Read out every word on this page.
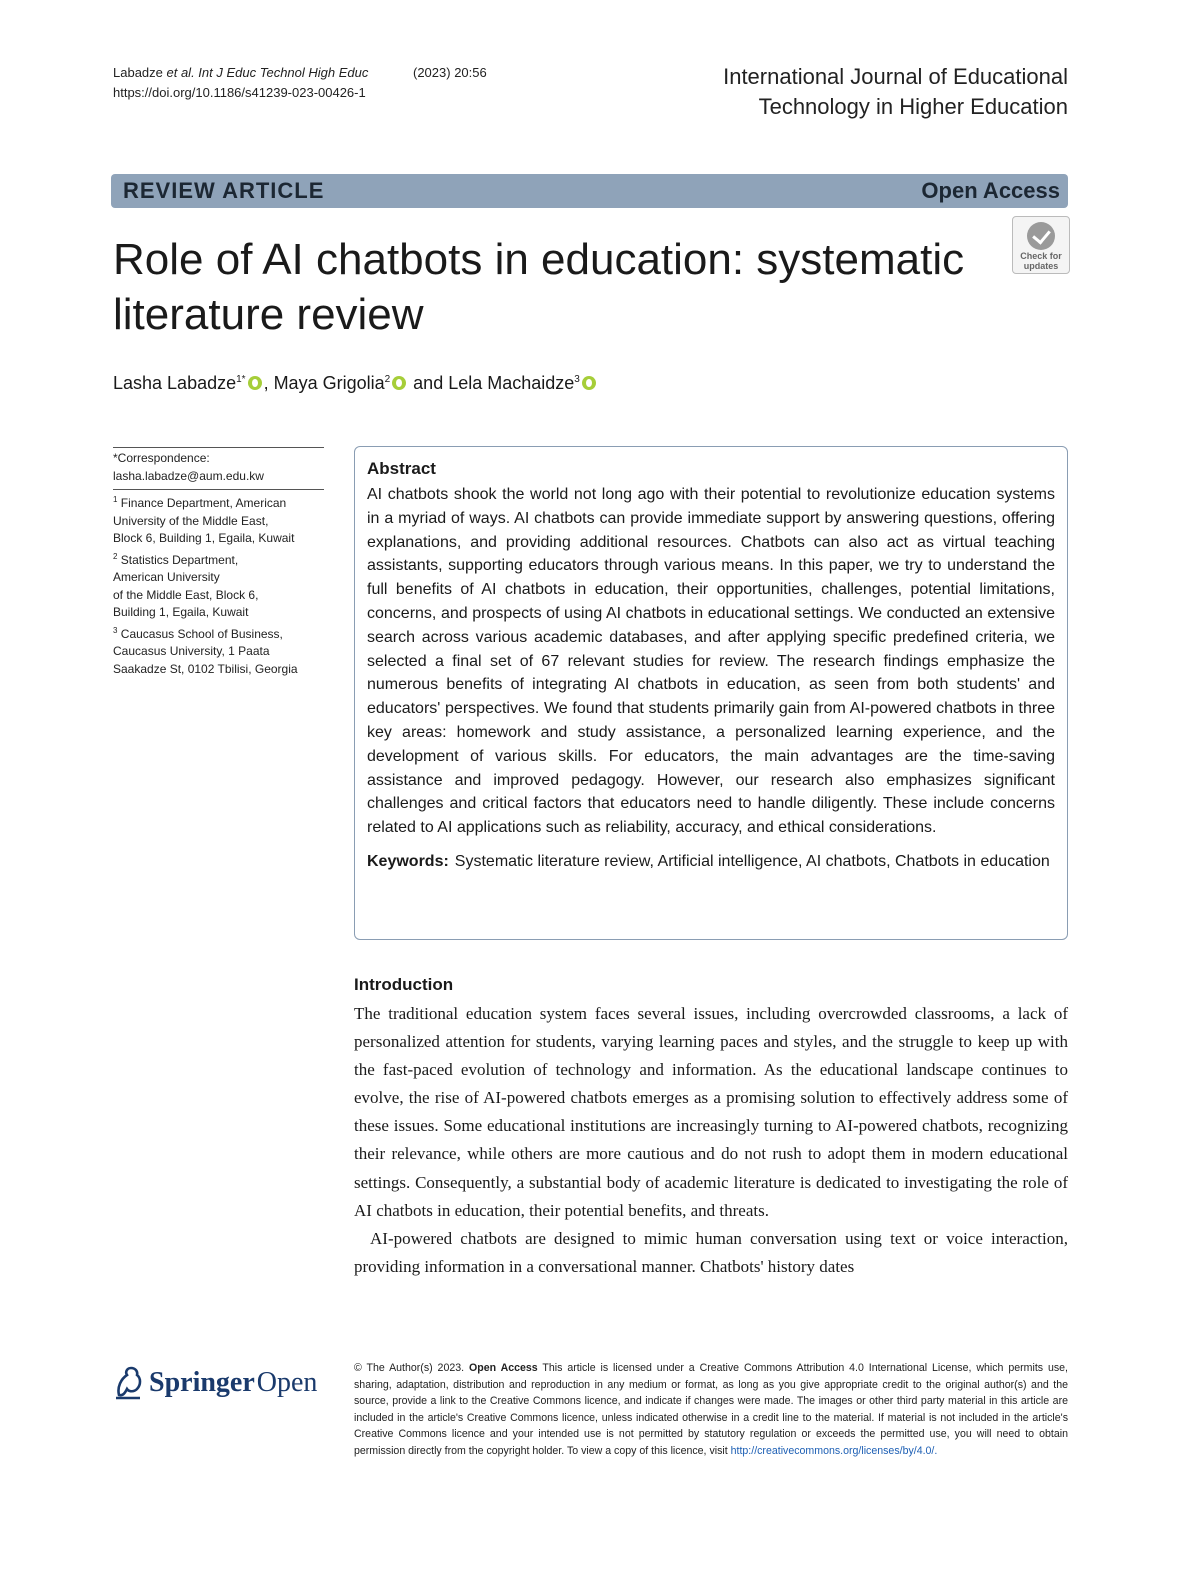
Labadze et al. Int J Educ Technol High Educ	(2023) 20:56
https://doi.org/10.1186/s41239-023-00426-1
International Journal of Educational
Technology in Higher Education
REVIEW ARTICLE	Open Access
Role of AI chatbots in education: systematic literature review
Check for
updates
Lasha Labadze$^{1*}$ , Maya Grigolia$^2$ and Lela Machaidze$^3$
*Correspondence:
lasha.labadze@aum.edu.kw
$^1$ Finance Department, American
University of the Middle East,
Block 6, Building 1, Egaila, Kuwait
$^2$ Statistics Department,
American University
of the Middle East, Block 6,
Building 1, Egaila, Kuwait
$^3$ Caucasus School of Business,
Caucasus University, 1 Paata
Saakadze St, 0102 Tbilisi, Georgia
Abstract
AI chatbots shook the world not long ago with their potential to revolutionize education systems in a myriad of ways. AI chatbots can provide immediate support by answering questions, offering explanations, and providing additional resources. Chatbots can also act as virtual teaching assistants, supporting educators through various means. In this paper, we try to understand the full benefits of AI chatbots in education, their opportunities, challenges, potential limitations, concerns, and prospects of using AI chatbots in educational settings. We conducted an extensive search across various academic databases, and after applying specific predefined criteria, we selected a final set of 67 relevant studies for review. The research findings emphasize the numerous benefits of integrating AI chatbots in education, as seen from both students' and educators' perspectives. We found that students primarily gain from AI-powered chatbots in three key areas: homework and study assistance, a personalized learning experience, and the development of various skills. For educators, the main advantages are the time-saving assistance and improved pedagogy. However, our research also emphasizes significant challenges and critical factors that educators need to handle diligently. These include concerns related to AI applications such as reliability, accuracy, and ethical considerations.
Keywords: Systematic literature review, Artificial intelligence, AI chatbots, Chatbots in education
Introduction

The traditional education system faces several issues, including overcrowded classrooms, a lack of personalized attention for students, varying learning paces and styles, and the struggle to keep up with the fast-paced evolution of technology and information. As the educational landscape continues to evolve, the rise of AI-powered chatbots emerges as a promising solution to effectively address some of these issues. Some educational institutions are increasingly turning to AI-powered chatbots, recognizing their relevance, while others are more cautious and do not rush to adopt them in modern educational settings. Consequently, a substantial body of academic literature is dedicated to investigating the role of AI chatbots in education, their potential benefits, and threats.

AI-powered chatbots are designed to mimic human conversation using text or voice interaction, providing information in a conversational manner. Chatbots' history dates

Springer Open	© The Author(s) 2023. Open Access This article is licensed under a Creative Commons Attribution 4.0 International License, which permits use, sharing, adaptation, distribution and reproduction in any medium or format, as long as you give appropriate credit to the original author(s) and the source, provide a link to the Creative Commons licence, and indicate if changes were made. The images or other third party material in this article are included in the article's Creative Commons licence, unless indicated otherwise in a credit line to the material. If material is not included in the article's Creative Commons licence and your intended use is not permitted by statutory regulation or exceeds the permitted use, you will need to obtain permission directly from the copyright holder. To view a copy of this licence, visit http://creativecommons.org/licenses/by/4.0/.
